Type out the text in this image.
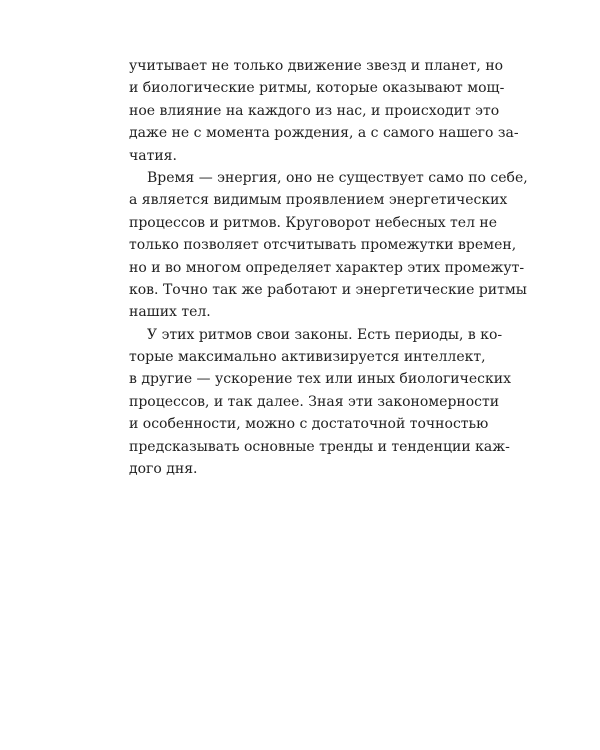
учитывает не только движение звезд и планет, но
и биологические ритмы, которые оказывают мощ-
ное влияние на каждого из нас, и происходит это
даже не с момента рождения, а с самого нашего за-
чатия.
Время — энергия, оно не существует само по себе,
а является видимым проявлением энергетических
процессов и ритмов. Круговорот небесных тел не
только позволяет отсчитывать промежутки времен,
но и во многом определяет характер этих промежут-
ков. Точно так же работают и энергетические ритмы
наших тел.
У этих ритмов свои законы. Есть периоды, в ко-
торые максимально активизируется интеллект,
в другие — ускорение тех или иных биологических
процессов, и так далее. Зная эти закономерности
и особенности, можно с достаточной точностью
предсказывать основные тренды и тенденции каж-
дого дня.
